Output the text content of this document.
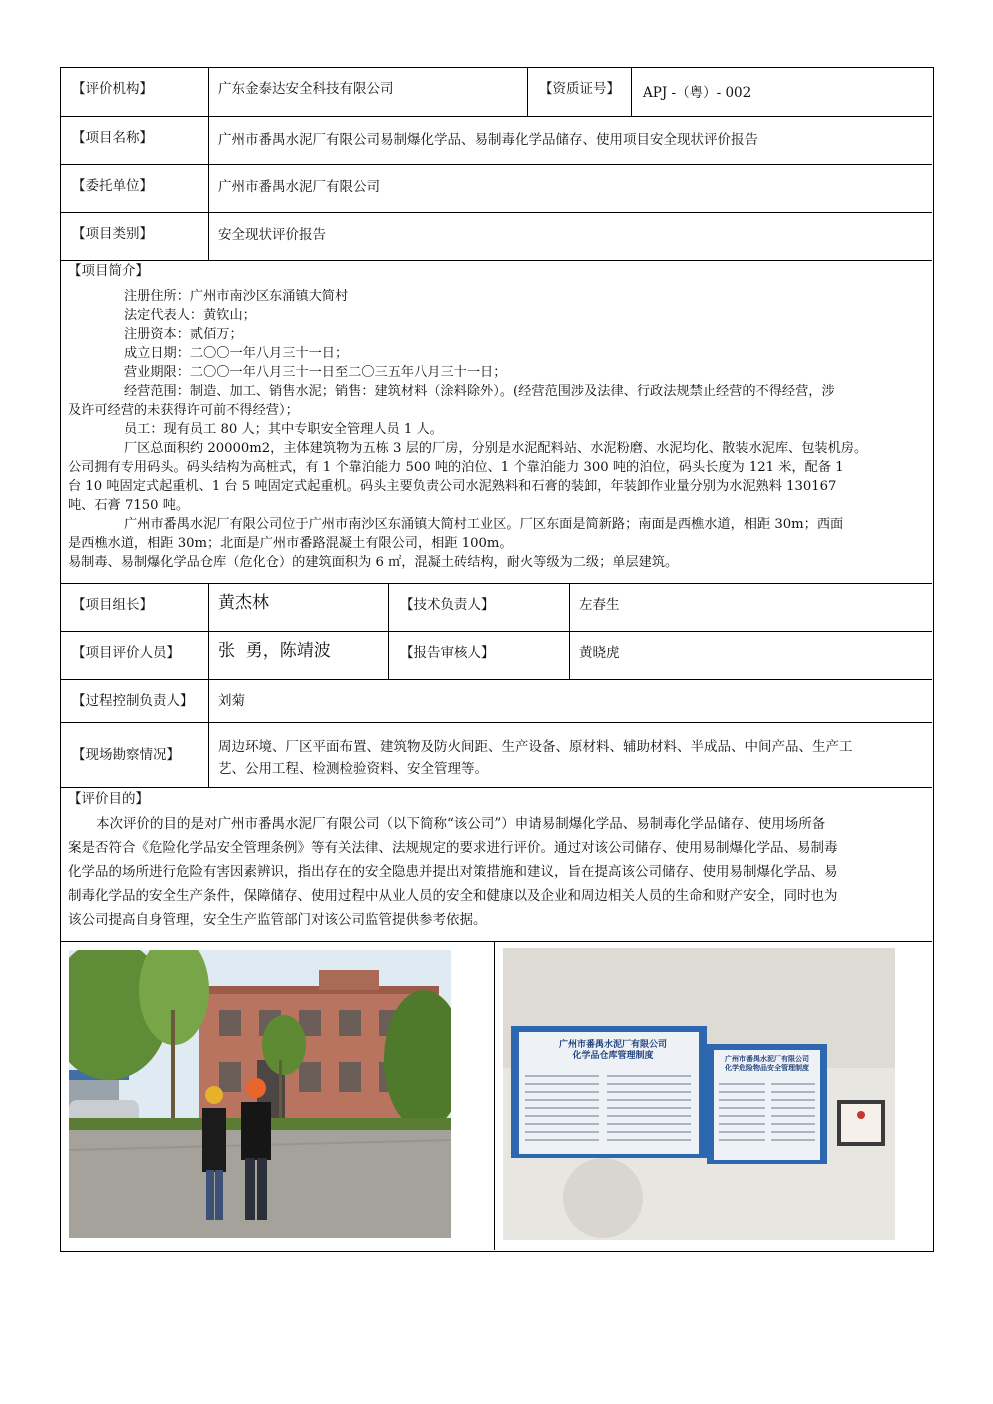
【评价机构】	广东金泰达安全科技有限公司	【资质证号】 APJ -（粤）- 002
【项目名称】	广州市番禺水泥厂有限公司易制爆化学品、易制毒化学品储存、使用项目安全现状评价报告
【委托单位】	广州市番禺水泥厂有限公司
【项目类别】	安全现状评价报告
【项目简介】
注册住所：广州市南沙区东涌镇大简村
法定代表人：黄钦山；
注册资本：贰佰万；
成立日期：二〇〇一年八月三十一日；
营业期限：二〇〇一年八月三十一日至二〇三五年八月三十一日；
经营范围：制造、加工、销售水泥；销售：建筑材料（涂料除外）。(经营范围涉及法律、行政法规禁止经营的不得经营，涉
及许可经营的未获得许可前不得经营）；
员工：现有员工 80 人；其中专职安全管理人员 1 人。
厂区总面积约 20000m2，主体建筑物为五栋 3 层的厂房，分别是水泥配料站、水泥粉磨、水泥均化、散装水泥库、包装机房。
公司拥有专用码头。码头结构为高桩式，有 1 个靠泊能力 500 吨的泊位、1 个靠泊能力 300 吨的泊位，码头长度为 121 米，配备 1
台 10 吨固定式起重机、1 台 5 吨固定式起重机。码头主要负责公司水泥熟料和石膏的装卸，年装卸作业量分别为水泥熟料 130167
吨、石膏 7150 吨。
广州市番禺水泥厂有限公司位于广州市南沙区东涌镇大简村工业区。厂区东面是简新路；南面是西樵水道，相距 30m；西面
是西樵水道，相距 30m；北面是广州市番路混凝土有限公司，相距 100m。
易制毒、易制爆化学品仓库（危化仓）的建筑面积为 6 ㎡，混凝土砖结构，耐火等级为二级；单层建筑。
【项目组长】	黄杰林	【技术负责人】	左春生
【项目评价人员】 张  勇，陈靖波	【报告审核人】	黄晓虎
【过程控制负责人】 刘菊
【现场勘察情况】	周边环境、厂区平面布置、建筑物及防火间距、生产设备、原材料、辅助材料、半成品、中间产品、生产工
艺、公用工程、检测检验资料、安全管理等。
【评价目的】
本次评价的目的是对广州市番禺水泥厂有限公司（以下简称“该公司”）申请易制爆化学品、易制毒化学品储存、使用场所备
案是否符合《危险化学品安全管理条例》等有关法律、法规规定的要求进行评价。通过对该公司储存、使用易制爆化学品、易制毒
化学品的场所进行危险有害因素辨识，指出存在的安全隐患并提出对策措施和建议，旨在提高该公司储存、使用易制爆化学品、易
制毒化学品的安全生产条件，保障储存、使用过程中从业人员的安全和健康以及企业和周边相关人员的生命和财产安全，同时也为
该公司提高自身管理，安全生产监管部门对该公司监管提供参考依据。
广州市番禺水泥厂有限公司
化学品仓库管理制度	广州市番禺水泥厂有限公司
化学危险物品安全管理制度
